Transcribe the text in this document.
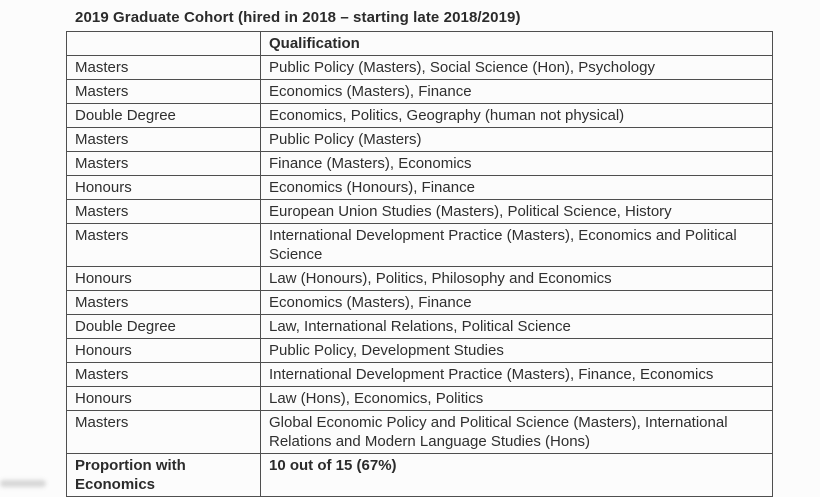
2019 Graduate Cohort (hired in 2018 – starting late 2018/2019)
	Qualification
Masters	Public Policy (Masters), Social Science (Hon), Psychology
Masters	Economics (Masters), Finance
Double Degree	Economics, Politics, Geography (human not physical)
Masters	Public Policy (Masters)
Masters	Finance (Masters), Economics
Honours	Economics (Honours), Finance
Masters	European Union Studies (Masters), Political Science, History
Masters	International Development Practice (Masters), Economics and Political Science
Honours	Law (Honours), Politics, Philosophy and Economics
Masters	Economics (Masters), Finance
Double Degree	Law, International Relations, Political Science
Honours	Public Policy, Development Studies
Masters	International Development Practice (Masters), Finance, Economics
Honours	Law (Hons), Economics, Politics
Masters	Global Economic Policy and Political Science (Masters), International Relations and Modern Language Studies (Hons)

Proportion with
Economics	10 out of 15 (67%)
